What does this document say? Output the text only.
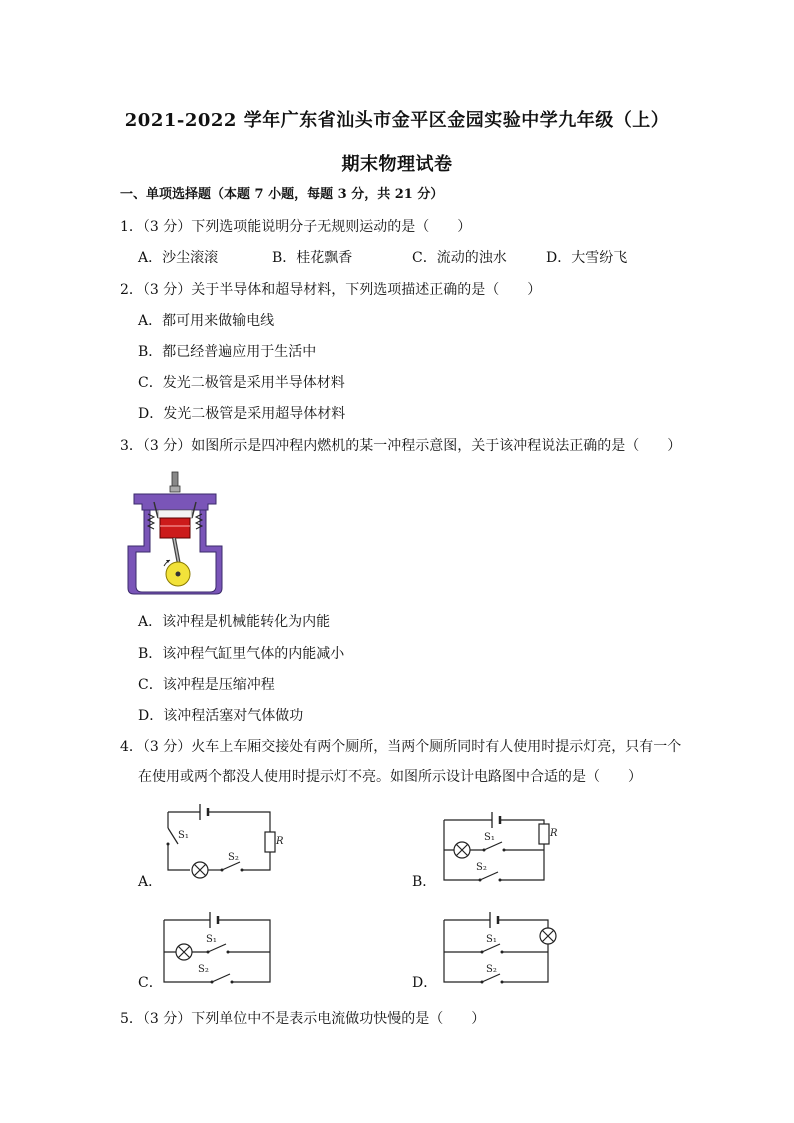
2021-2022 学年广东省汕头市金平区金园实验中学九年级（上）
期末物理试卷
一、单项选择题（本题 7 小题，每题 3 分，共 21 分）
1．（3 分）下列选项能说明分子无规则运动的是（　　）
A．沙尘滚滚	B．桂花飘香	C．流动的浊水	D．大雪纷飞
2．（3 分）关于半导体和超导材料，下列选项描述正确的是（　　）
A．都可用来做输电线
B．都已经普遍应用于生活中
C．发光二极管是采用半导体材料
D．发光二极管是采用超导体材料
3．（3 分）如图所示是四冲程内燃机的某一冲程示意图，关于该冲程说法正确的是（　　）
A．该冲程是机械能转化为内能
B．该冲程气缸里气体的内能减小
C．该冲程是压缩冲程
D．该冲程活塞对气体做功
4．（3 分）火车上车厢交接处有两个厕所，当两个厕所同时有人使用时提示灯亮，只有一个
在使用或两个都没人使用时提示灯不亮。如图所示设计电路图中合适的是（　　）
A．
R
S₁
S₂
B．
R
S₁
S₂
C．
S₁
S₂
D．
S₁
S₂
5．（3 分）下列单位中不是表示电流做功快慢的是（　　）
